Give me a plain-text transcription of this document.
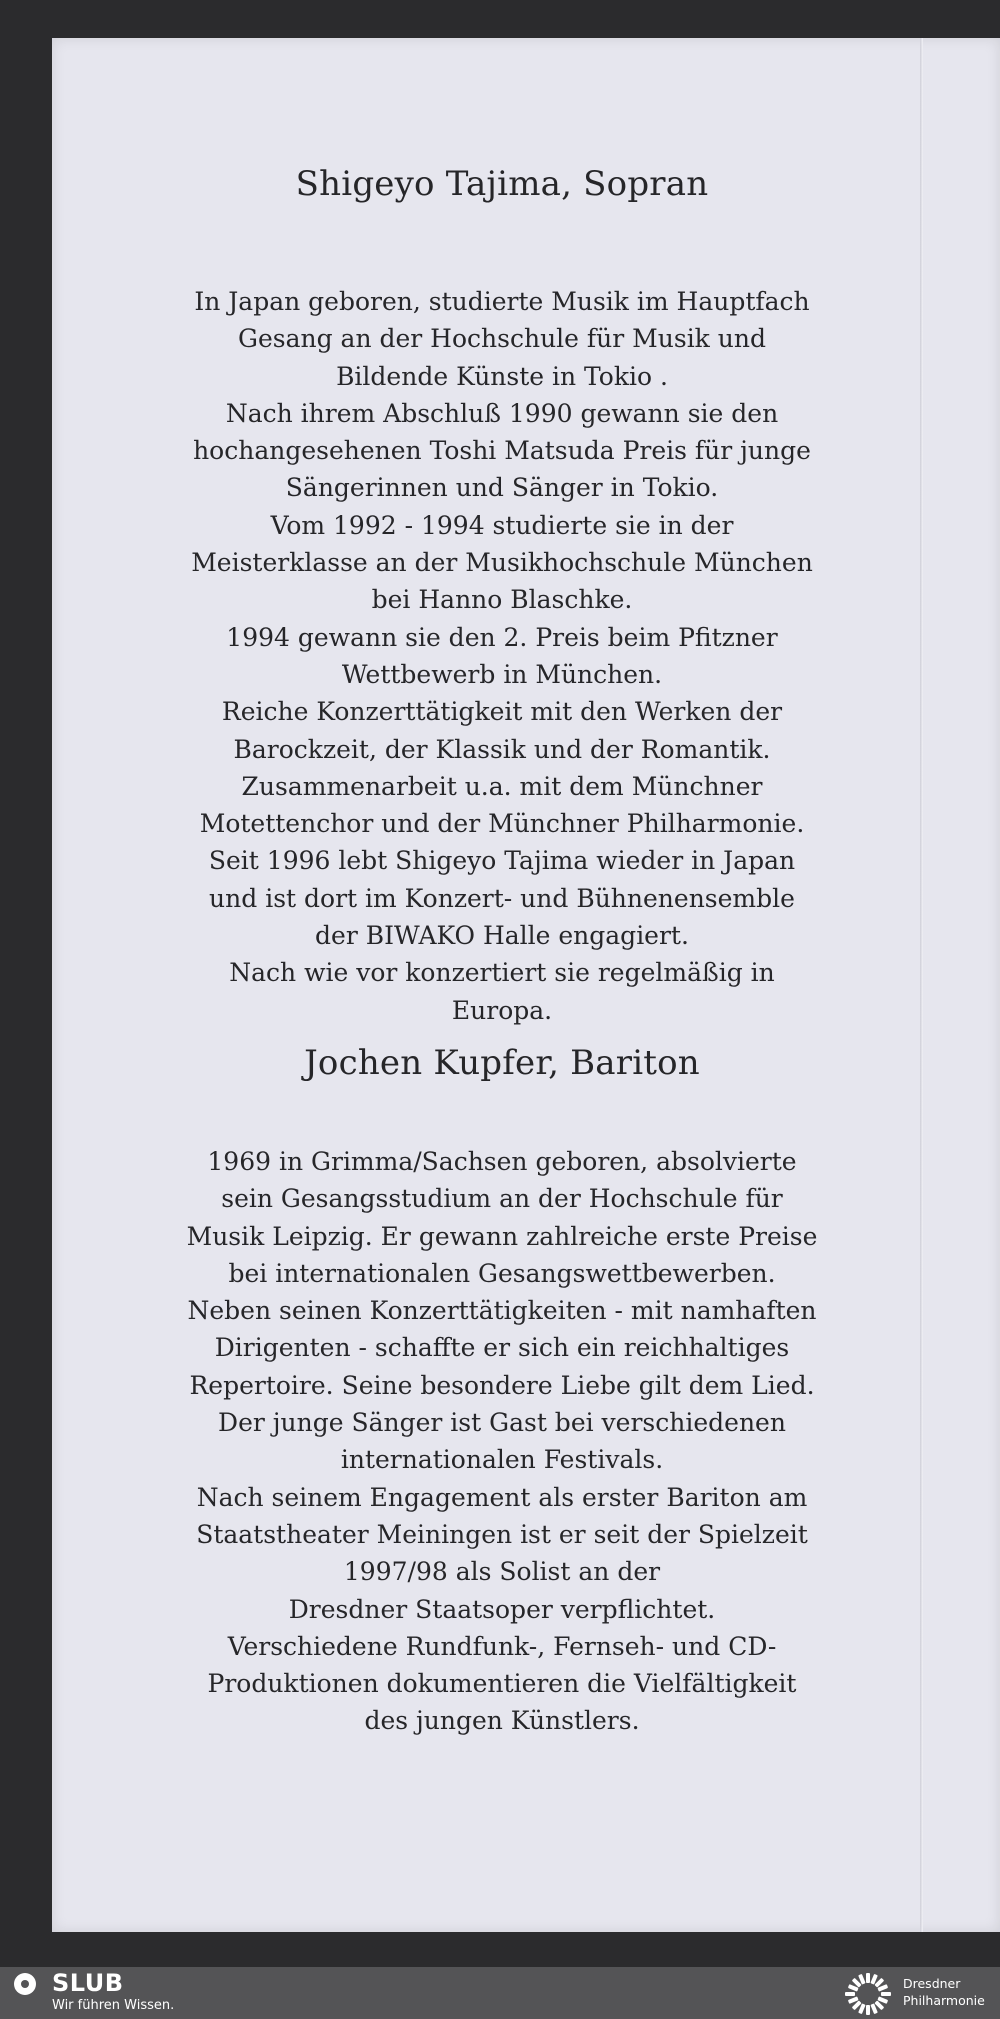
Shigeyo Tajima, Sopran
In Japan geboren, studierte Musik im Hauptfach
Gesang an der Hochschule für Musik und
Bildende Künste in Tokio .
Nach ihrem Abschluß 1990 gewann sie den
hochangesehenen Toshi Matsuda Preis für junge
Sängerinnen und Sänger in Tokio.
Vom 1992 - 1994 studierte sie in der
Meisterklasse an der Musikhochschule München
bei Hanno Blaschke.
1994 gewann sie den 2. Preis beim Pfitzner
Wettbewerb in München.
Reiche Konzerttätigkeit mit den Werken der
Barockzeit, der Klassik und der Romantik.
Zusammenarbeit u.a. mit dem Münchner
Motettenchor und der Münchner Philharmonie.
Seit 1996 lebt Shigeyo Tajima wieder in Japan
und ist dort im Konzert- und Bühnenensemble
der BIWAKO Halle engagiert.
Nach wie vor konzertiert sie regelmäßig in
Europa.
Jochen Kupfer, Bariton
1969 in Grimma/Sachsen geboren, absolvierte
sein Gesangsstudium an der Hochschule für
Musik Leipzig. Er gewann zahlreiche erste Preise
bei internationalen Gesangswettbewerben.
Neben seinen Konzerttätigkeiten - mit namhaften
Dirigenten - schaffte er sich ein reichhaltiges
Repertoire. Seine besondere Liebe gilt dem Lied.
Der junge Sänger ist Gast bei verschiedenen
internationalen Festivals.
Nach seinem Engagement als erster Bariton am
Staatstheater Meiningen ist er seit der Spielzeit
1997/98 als Solist an der
Dresdner Staatsoper verpflichtet.
Verschiedene Rundfunk-, Fernseh- und CD-
Produktionen dokumentieren die Vielfältigkeit
des jungen Künstlers.
SLUB
Wir führen Wissen.
Dresdner
Philharmonie
